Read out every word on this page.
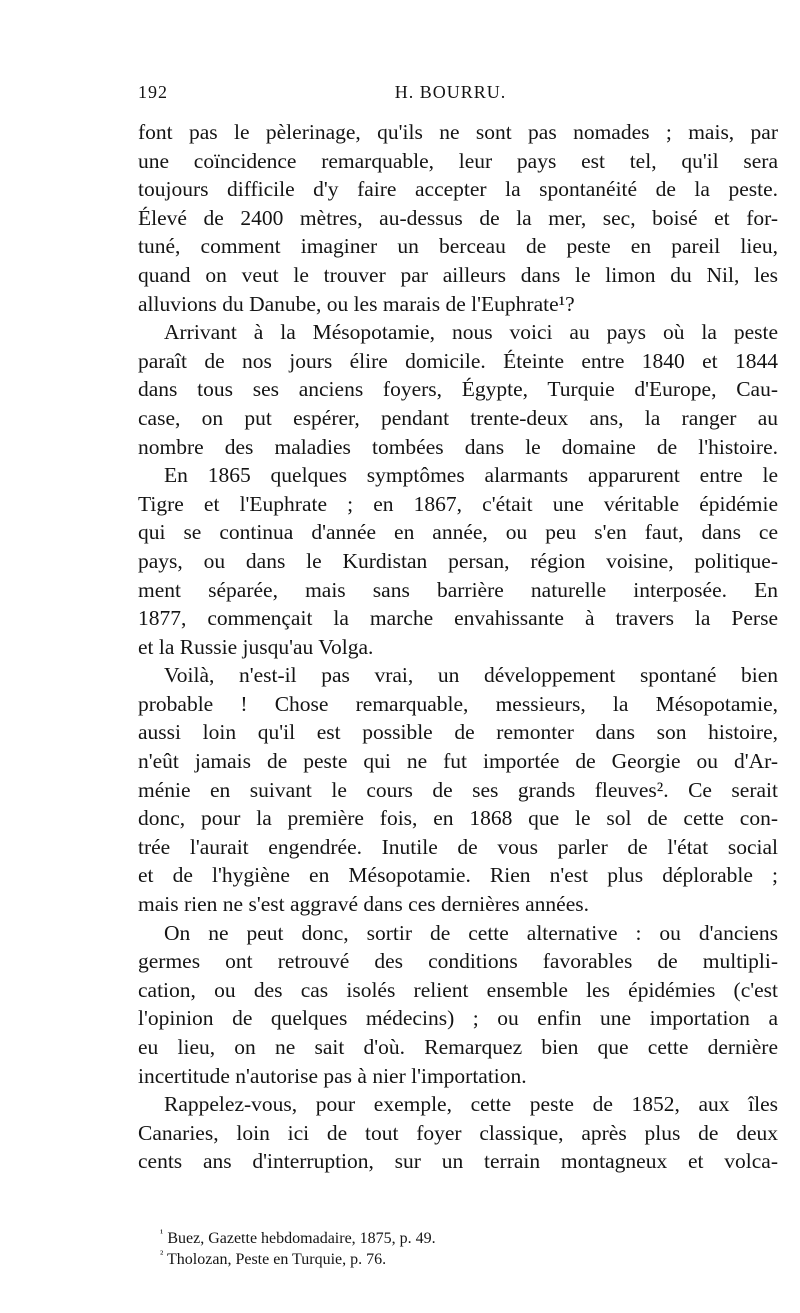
192	H. BOURRU.
font pas le pèlerinage, qu'ils ne sont pas nomades ; mais, par
une coïncidence remarquable, leur pays est tel, qu'il sera
toujours difficile d'y faire accepter la spontanéité de la peste.
Élevé de 2400 mètres, au-dessus de la mer, sec, boisé et for-
tuné, comment imaginer un berceau de peste en pareil lieu,
quand on veut le trouver par ailleurs dans le limon du Nil, les
alluvions du Danube, ou les marais de l'Euphrate¹?
Arrivant à la Mésopotamie, nous voici au pays où la peste
paraît de nos jours élire domicile. Éteinte entre 1840 et 1844
dans tous ses anciens foyers, Égypte, Turquie d'Europe, Cau-
case, on put espérer, pendant trente-deux ans, la ranger au
nombre des maladies tombées dans le domaine de l'histoire.
En 1865 quelques symptômes alarmants apparurent entre le
Tigre et l'Euphrate ; en 1867, c'était une véritable épidémie
qui se continua d'année en année, ou peu s'en faut, dans ce
pays, ou dans le Kurdistan persan, région voisine, politique-
ment séparée, mais sans barrière naturelle interposée. En
1877, commençait la marche envahissante à travers la Perse
et la Russie jusqu'au Volga.
Voilà, n'est-il pas vrai, un développement spontané bien
probable ! Chose remarquable, messieurs, la Mésopotamie,
aussi loin qu'il est possible de remonter dans son histoire,
n'eût jamais de peste qui ne fut importée de Georgie ou d'Ar-
ménie en suivant le cours de ses grands fleuves². Ce serait
donc, pour la première fois, en 1868 que le sol de cette con-
trée l'aurait engendrée. Inutile de vous parler de l'état social
et de l'hygiène en Mésopotamie. Rien n'est plus déplorable ;
mais rien ne s'est aggravé dans ces dernières années.
On ne peut donc, sortir de cette alternative : ou d'anciens
germes ont retrouvé des conditions favorables de multipli-
cation, ou des cas isolés relient ensemble les épidémies (c'est
l'opinion de quelques médecins) ; ou enfin une importation a
eu lieu, on ne sait d'où. Remarquez bien que cette dernière
incertitude n'autorise pas à nier l'importation.
Rappelez-vous, pour exemple, cette peste de 1852, aux îles
Canaries, loin ici de tout foyer classique, après plus de deux
cents ans d'interruption, sur un terrain montagneux et volca-
$^{^1}$ Buez, Gazette hebdomadaire, 1875, p. 49.
$^{^2}$ Tholozan, Peste en Turquie, p. 76.
